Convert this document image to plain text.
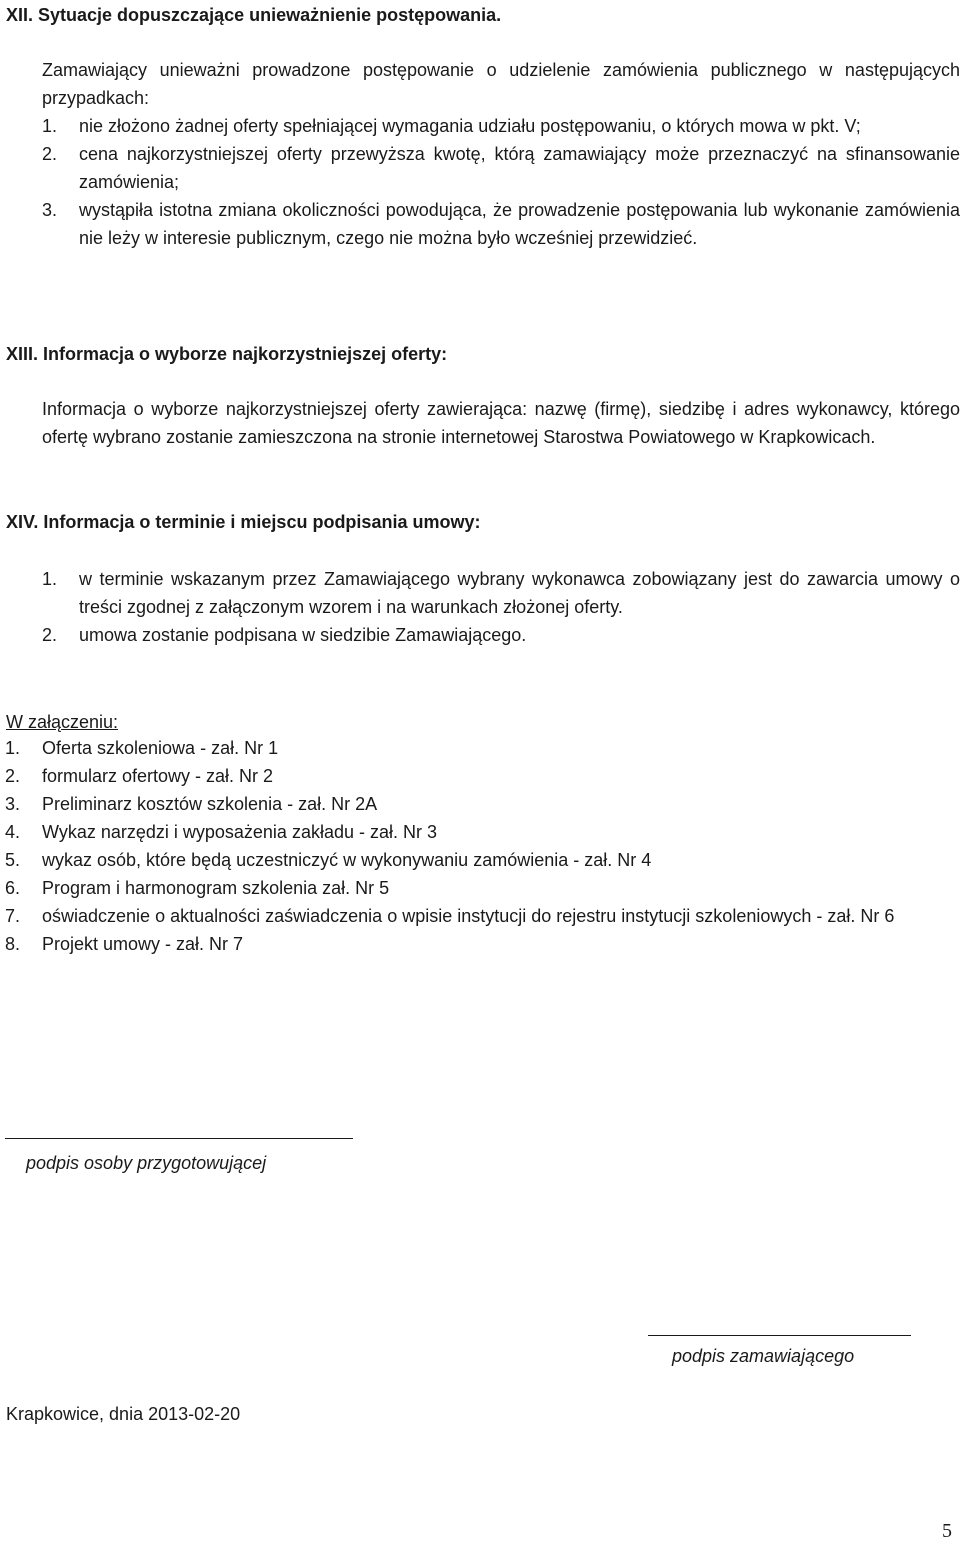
XII. Sytuacje dopuszczające unieważnienie postępowania.
Zamawiający unieważni prowadzone postępowanie o udzielenie zamówienia publicznego w następujących przypadkach:
1. nie złożono żadnej oferty spełniającej wymagania udziału postępowaniu, o których mowa w pkt. V;
2. cena najkorzystniejszej oferty przewyższa kwotę, którą zamawiający może przeznaczyć na sfinansowanie zamówienia;
3. wystąpiła istotna zmiana okoliczności powodująca, że prowadzenie postępowania lub wykonanie zamówienia nie leży w interesie publicznym, czego nie można było wcześniej przewidzieć.
XIII. Informacja o wyborze najkorzystniejszej oferty:
Informacja o wyborze najkorzystniejszej oferty zawierająca: nazwę (firmę), siedzibę i adres wykonawcy, którego ofertę wybrano zostanie zamieszczona na stronie internetowej Starostwa Powiatowego w Krapkowicach.
XIV. Informacja o terminie i miejscu podpisania umowy:
1. w terminie wskazanym przez Zamawiającego wybrany wykonawca zobowiązany jest do zawarcia umowy o treści zgodnej z załączonym wzorem i na warunkach złożonej oferty.
2. umowa zostanie podpisana w siedzibie Zamawiającego.
W załączeniu:
1. Oferta szkoleniowa - zał. Nr 1
2. formularz ofertowy - zał. Nr 2
3. Preliminarz kosztów szkolenia - zał. Nr 2A
4. Wykaz narzędzi i wyposażenia zakładu - zał. Nr 3
5. wykaz osób, które będą uczestniczyć w wykonywaniu zamówienia - zał. Nr 4
6. Program i harmonogram szkolenia zał. Nr 5
7. oświadczenie o aktualności zaświadczenia o wpisie instytucji do rejestru instytucji szkoleniowych - zał. Nr 6
8. Projekt umowy - zał. Nr 7
podpis osoby przygotowującej
podpis zamawiającego
Krapkowice, dnia 2013-02-20
5
